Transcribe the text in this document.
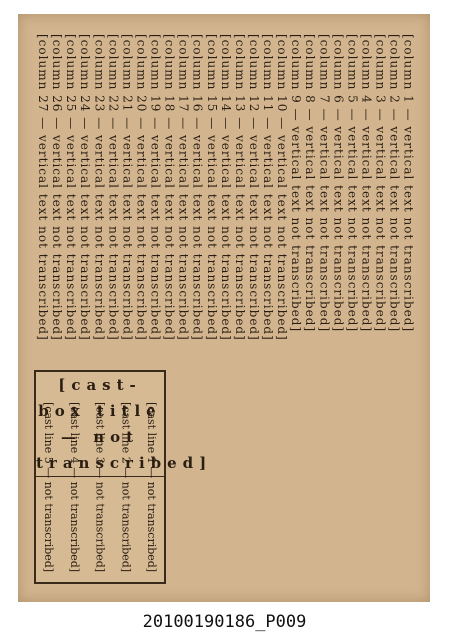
[column 1 — vertical text not transcribed]
[column 2 — vertical text not transcribed]
[column 3 — vertical text not transcribed]
[column 4 — vertical text not transcribed]
[column 5 — vertical text not transcribed]
[column 6 — vertical text not transcribed]
[column 7 — vertical text not transcribed]
[column 8 — vertical text not transcribed]
[column 9 — vertical text not transcribed]
[column 10 — vertical text not transcribed]
[column 11 — vertical text not transcribed]
[column 12 — vertical text not transcribed]
[column 13 — vertical text not transcribed]
[column 14 — vertical text not transcribed]
[column 15 — vertical text not transcribed]
[column 16 — vertical text not transcribed]
[column 17 — vertical text not transcribed]
[column 18 — vertical text not transcribed]
[column 19 — vertical text not transcribed]
[column 20 — vertical text not transcribed]
[column 21 — vertical text not transcribed]
[column 22 — vertical text not transcribed]
[column 23 — vertical text not transcribed]
[column 24 — vertical text not transcribed]
[column 25 — vertical text not transcribed]
[column 26 — vertical text not transcribed]
[column 27 — vertical text not transcribed]
[cast-box title — not transcribed]
[cast line 1 — not transcribed]
[cast line 2 — not transcribed]
[cast line 3 — not transcribed]
[cast line 4 — not transcribed]
[cast line 5 — not transcribed]
20100190186_P009
